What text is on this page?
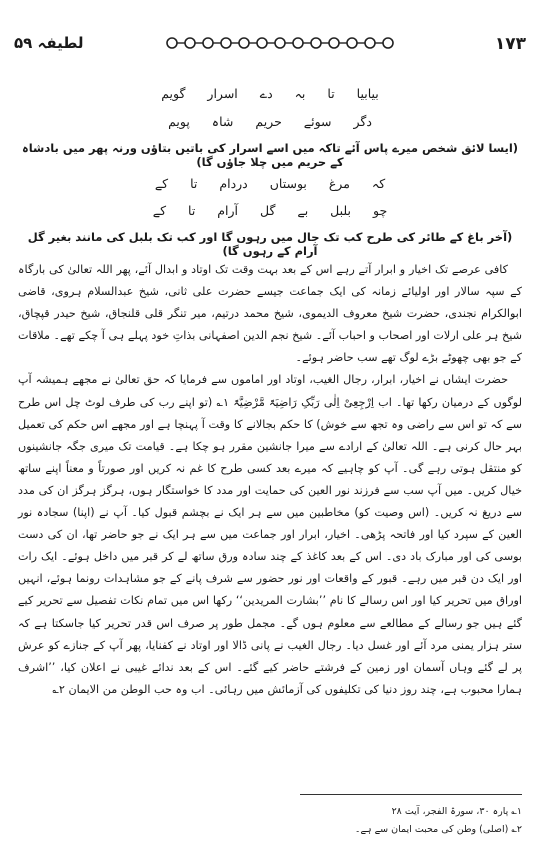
لطیفہ ۵۹	۱۷۳
بیابیا تا بہ دے اسرار گویم
دگر سوئے حریم شاہ پویم
(ایسا لائق شخص میرے پاس آئے تاکہ میں اسے اسرار کی باتیں بتاؤں ورنہ پھر میں بادشاہ کے حریم میں چلا جاؤں گا)
کہ مرغ بوستاں دردام تا کے
چو بلبل بے گل آرام تا کے
(آخر باغ کے طائر کی طرح کب تک جال میں رہوں گا اور کب تک بلبل کی مانند بغیر گل آرام کے رہوں گا)

کافی عرصے تک اخیار و ابرار آتے رہے اس کے بعد بہت وقت تک اوتاد و ابدال آئے، پھر اللہ تعالیٰ کی بارگاہ کے سپہ سالار اور اولیائے زمانہ کی ایک جماعت جیسے حضرت علی ثانی، شیخ عبدالسلام ہروی، قاضی ابوالکرام نجندی، حضرت شیخ معروف الدیموی، شیخ محمد درتیم، میر تنگر قلی قلنجاق، شیخ حیدر قپچاق، شیخ ہر علی ارلات اور اصحاب و احباب آئے۔ شیخ نجم الدین اصفہانی بذاتِ خود پہلے ہی آ چکے تھے۔ ملاقات کے جو بھی چھوٹے بڑے لوگ تھے سب حاضر ہوئے۔

حضرت ایشاں نے اخیار، ابرار، رجال الغیب، اوتاد اور اماموں سے فرمایا کہ حق تعالیٰ نے مجھے ہمیشہ آپ لوگوں کے درمیان رکھا تھا۔ اب اِرْجِعِیْ اِلٰی رَبِّکِ رَاضِیَۃً مَّرْضِیَّۃً ۱؎ (تو اپنے رب کی طرف لوٹ چل اس طرح سے کہ تو اس سے راضی وہ تجھ سے خوش) کا حکم بجالانے کا وقت آ پہنچا ہے اور مجھے اس حکم کی تعمیل بہر حال کرنی ہے۔ اللہ تعالیٰ کے ارادے سے میرا جانشین مقرر ہو چکا ہے۔ قیامت تک میری جگہ جانشینوں کو منتقل ہوتی رہے گی۔ آپ کو چاہیے کہ میرے بعد کسی طرح کا غم نہ کریں اور صورتاً و معناً اپنے ساتھ خیال کریں۔ میں آپ سب سے فرزند نور العین کی حمایت اور مدد کا خواستگار ہوں، ہرگز ہرگز ان کی مدد سے دریغ نہ کریں۔ (اس وصیت کو) مخاطبین میں سے ہر ایک نے بچشم قبول کیا۔ آپ نے (اپنا) سجادہ نور العین کے سپرد کیا اور فاتحہ پڑھی۔ اخیار، ابرار اور جماعت میں سے ہر ایک نے جو حاضر تھا، ان کی دست بوسی کی اور مبارک باد دی۔ اس کے بعد کاغذ کے چند سادہ ورق ساتھ لے کر قبر میں داخل ہوئے۔ ایک رات اور ایک دن قبر میں رہے۔ قبور کے واقعات اور نور حضور سے شرف پانے کے جو مشاہدات رونما ہوئے، انہیں اوراق میں تحریر کیا اور اس رسالے کا نام ’’بشارت المریدین‘‘ رکھا اس میں تمام نکات تفصیل سے تحریر کیے گئے ہیں جو رسالے کے مطالعے سے معلوم ہوں گے۔ مجمل طور پر صرف اس قدر تحریر کیا جاسکتا ہے کہ ستر ہزار یمنی مرد آئے اور غسل دیا۔ رجال الغیب نے پانی ڈالا اور اوتاد نے کفنایا، پھر آپ کے جنازے کو عرش پر لے گئے وہاں آسمان اور زمین کے فرشتے حاضر کیے گئے۔ اس کے بعد ندائے غیبی نے اعلان کیا، ’’اشرف ہمارا محبوب ہے، چند روز دنیا کی تکلیفوں کی آزمائش میں رہائی۔ اب وہ حب الوطن من الایمان ۲؎

۱؎ پارہ ۳۰، سورۃ الفجر، آیت ۲۸
۲؎ (اصلی) وطن کی محبت ایمان سے ہے۔
